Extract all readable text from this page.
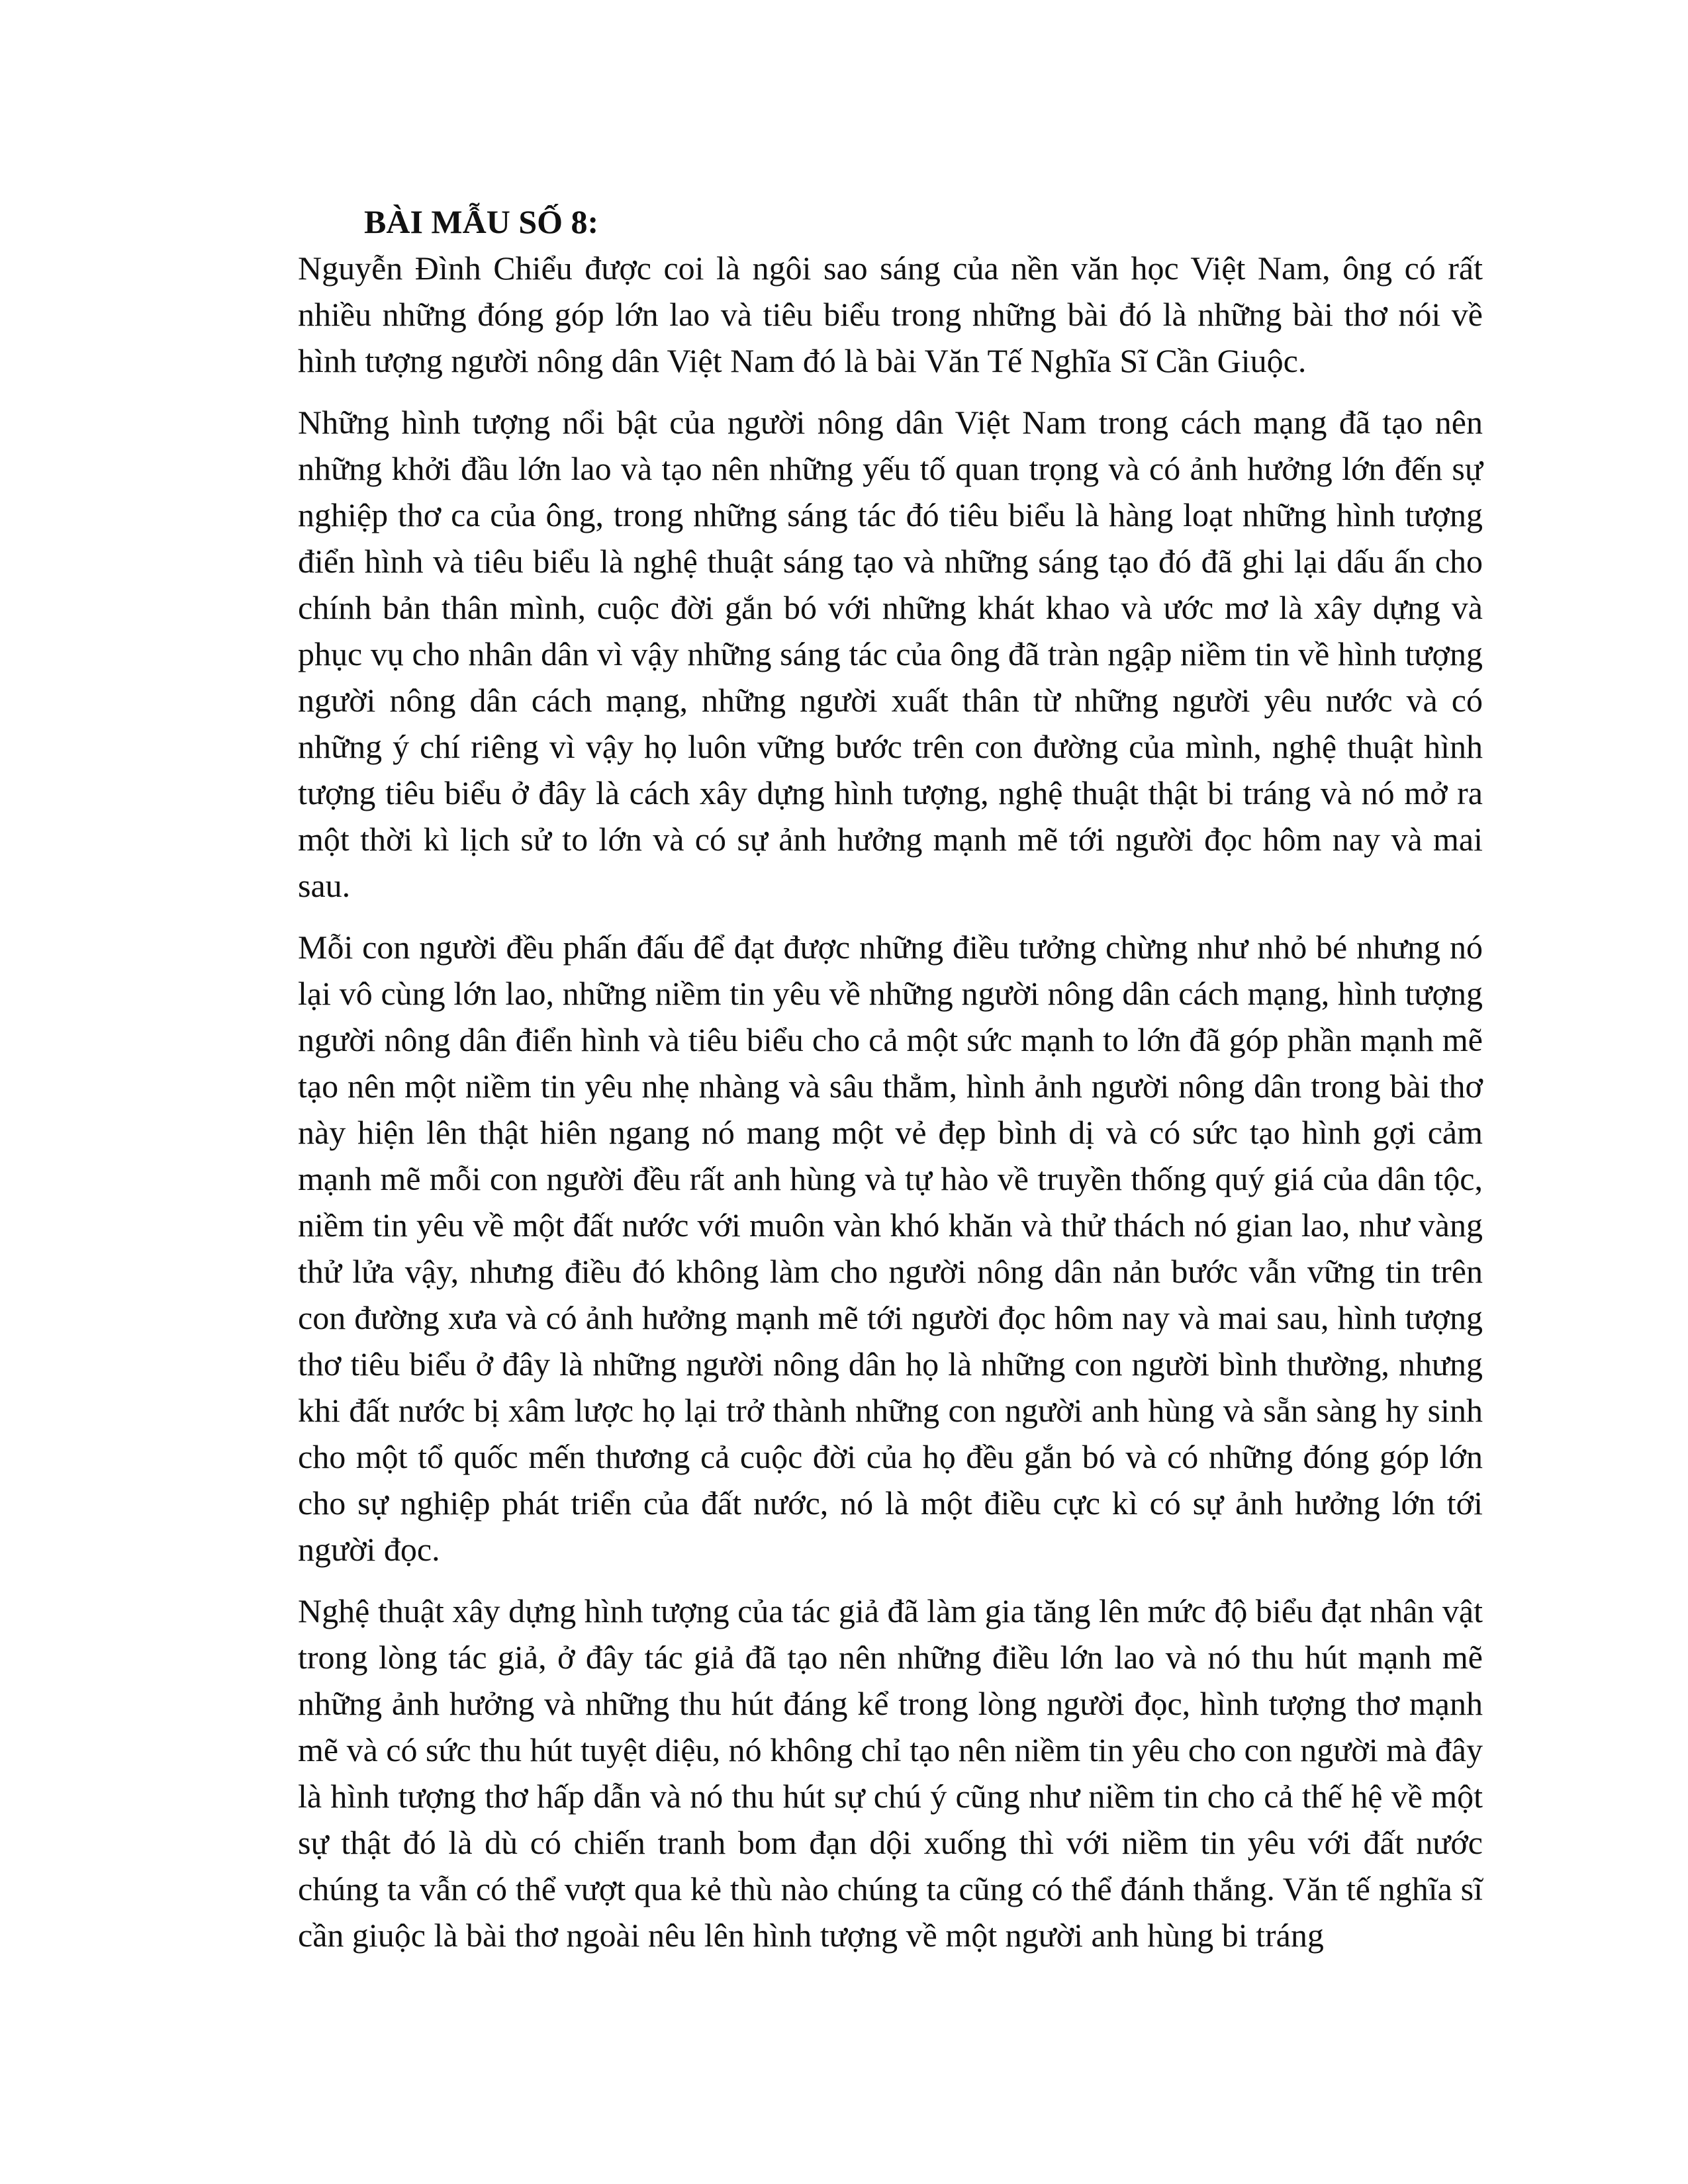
BÀI MẪU SỐ 8:

Nguyễn Đình Chiểu được coi là ngôi sao sáng của nền văn học Việt Nam, ông có rất nhiều những đóng góp lớn lao và tiêu biểu trong những bài đó là những bài thơ nói về hình tượng người nông dân Việt Nam đó là bài Văn Tế Nghĩa Sĩ Cần Giuộc.

Những hình tượng nổi bật của người nông dân Việt Nam trong cách mạng đã tạo nên những khởi đầu lớn lao và tạo nên những yếu tố quan trọng và có ảnh hưởng lớn đến sự nghiệp thơ ca của ông, trong những sáng tác đó tiêu biểu là hàng loạt những hình tượng điển hình và tiêu biểu là nghệ thuật sáng tạo và những sáng tạo đó đã ghi lại dấu ấn cho chính bản thân mình, cuộc đời gắn bó với những khát khao và ước mơ là xây dựng và phục vụ cho nhân dân vì vậy những sáng tác của ông đã tràn ngập niềm tin về hình tượng người nông dân cách mạng, những người xuất thân từ những người yêu nước và có những ý chí riêng vì vậy họ luôn vững bước trên con đường của mình, nghệ thuật hình tượng tiêu biểu ở đây là cách xây dựng hình tượng, nghệ thuật thật bi tráng và nó mở ra một thời kì lịch sử to lớn và có sự ảnh hưởng mạnh mẽ tới người đọc hôm nay và mai sau.

Mỗi con người đều phấn đấu để đạt được những điều tưởng chừng như nhỏ bé nhưng nó lại vô cùng lớn lao, những niềm tin yêu về những người nông dân cách mạng, hình tượng người nông dân điển hình và tiêu biểu cho cả một sức mạnh to lớn đã góp phần mạnh mẽ tạo nên một niềm tin yêu nhẹ nhàng và sâu thẳm, hình ảnh người nông dân trong bài thơ này hiện lên thật hiên ngang nó mang một vẻ đẹp bình dị và có sức tạo hình gợi cảm mạnh mẽ mỗi con người đều rất anh hùng và tự hào về truyền thống quý giá của dân tộc, niềm tin yêu về một đất nước với muôn vàn khó khăn và thử thách nó gian lao, như vàng thử lửa vậy, nhưng điều đó không làm cho người nông dân nản bước vẫn vững tin trên con đường xưa và có ảnh hưởng mạnh mẽ tới người đọc hôm nay và mai sau, hình tượng thơ tiêu biểu ở đây là những người nông dân họ là những con người bình thường, nhưng khi đất nước bị xâm lược họ lại trở thành những con người anh hùng và sẵn sàng hy sinh cho một tổ quốc mến thương cả cuộc đời của họ đều gắn bó và có những đóng góp lớn cho sự nghiệp phát triển của đất nước, nó là một điều cực kì có sự ảnh hưởng lớn tới người đọc.

Nghệ thuật xây dựng hình tượng của tác giả đã làm gia tăng lên mức độ biểu đạt nhân vật trong lòng tác giả, ở đây tác giả đã tạo nên những điều lớn lao và nó thu hút mạnh mẽ những ảnh hưởng và những thu hút đáng kể trong lòng người đọc, hình tượng thơ mạnh mẽ và có sức thu hút tuyệt diệu, nó không chỉ tạo nên niềm tin yêu cho con người mà đây là hình tượng thơ hấp dẫn và nó thu hút sự chú ý cũng như niềm tin cho cả thế hệ về một sự thật đó là dù có chiến tranh bom đạn dội xuống thì với niềm tin yêu với đất nước chúng ta vẫn có thể vượt qua kẻ thù nào chúng ta cũng có thể đánh thắng. Văn tế nghĩa sĩ cần giuộc là bài thơ ngoài nêu lên hình tượng về một người anh hùng bi tráng
